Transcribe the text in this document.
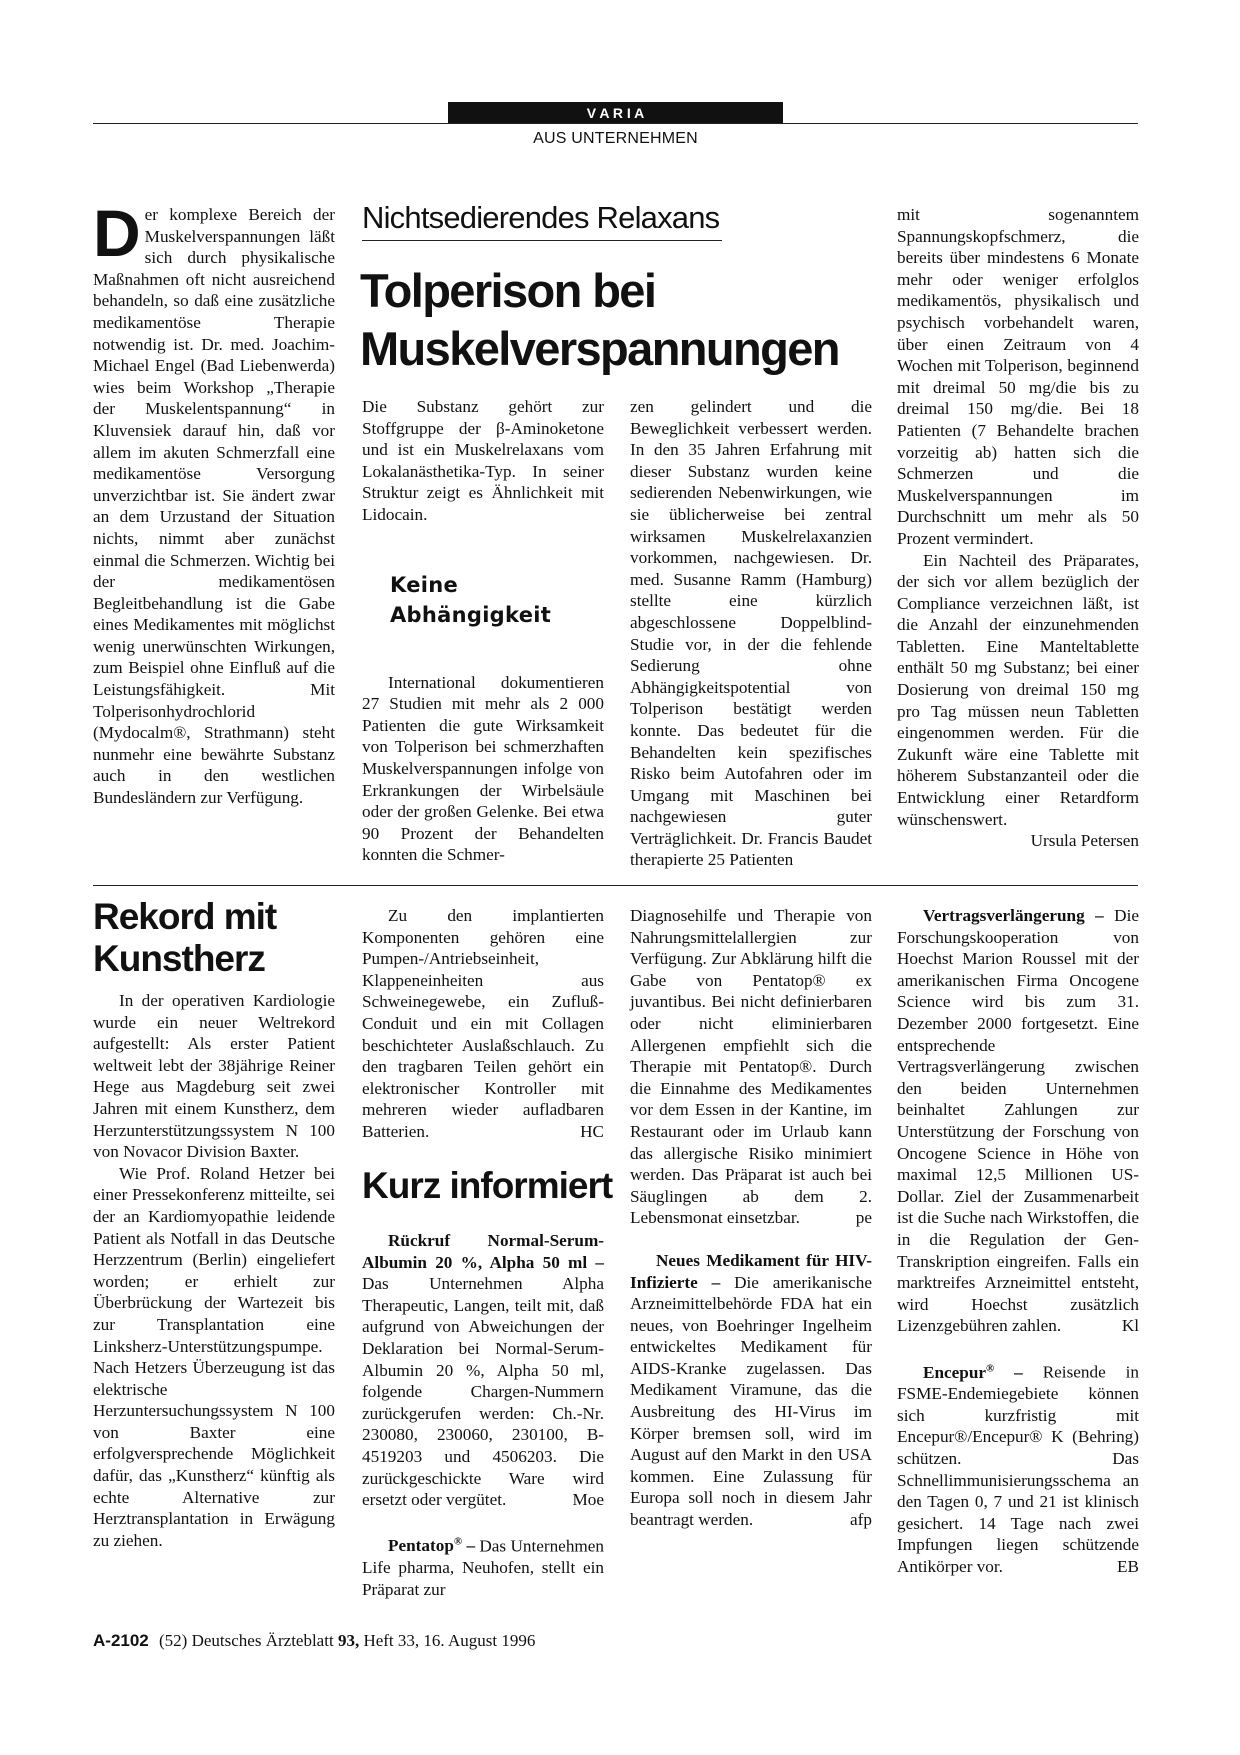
V A R I A
AUS UNTERNEHMEN
Der komplexe Bereich der Muskelverspannungen läßt sich durch physikalische Maßnahmen oft nicht ausreichend behandeln, so daß eine zusätzliche medikamentöse Therapie notwendig ist. Dr. med. Joachim-Michael Engel (Bad Liebenwerda) wies beim Workshop „Therapie der Muskelentspannung“ in Kluvensiek darauf hin, daß vor allem im akuten Schmerzfall eine medikamentöse Versorgung unverzichtbar ist. Sie ändert zwar an dem Urzustand der Situation nichts, nimmt aber zunächst einmal die Schmerzen. Wichtig bei der medikamentösen Begleitbehandlung ist die Gabe eines Medikamentes mit möglichst wenig unerwünschten Wirkungen, zum Beispiel ohne Einfluß auf die Leistungsfähigkeit. Mit Tolperisonhydrochlorid (Mydocalm®, Strathmann) steht nunmehr eine bewährte Substanz auch in den westlichen Bundesländern zur Verfügung.
Nichtsedierendes Relaxans
Tolperison bei
Muskelverspannungen

Die Substanz gehört zur Stoffgruppe der β-Aminoketone und ist ein Muskelrelaxans vom Lokalanästhetika-Typ. In seiner Struktur zeigt es Ähnlichkeit mit Lidocain.

Keine
Abhängigkeit

International dokumentieren 27 Studien mit mehr als 2 000 Patienten die gute Wirksamkeit von Tolperison bei schmerzhaften Muskelverspannungen infolge von Erkrankungen der Wirbelsäule oder der großen Gelenke. Bei etwa 90 Prozent der Behandelten konnten die Schmer-

zen gelindert und die Beweglichkeit verbessert werden. In den 35 Jahren Erfahrung mit dieser Substanz wurden keine sedierenden Nebenwirkungen, wie sie üblicherweise bei zentral wirksamen Muskelrelaxanzien vorkommen, nachgewiesen. Dr. med. Susanne Ramm (Hamburg) stellte eine kürzlich abgeschlossene Doppelblind-Studie vor, in der die fehlende Sedierung ohne Abhängigkeitspotential von Tolperison bestätigt werden konnte. Das bedeutet für die Behandelten kein spezifisches Risko beim Autofahren oder im Umgang mit Maschinen bei nachgewiesen guter Verträglichkeit. Dr. Francis Baudet therapierte 25 Patienten

mit sogenanntem Spannungskopfschmerz, die bereits über mindestens 6 Monate mehr oder weniger erfolglos medikamentös, physikalisch und psychisch vorbehandelt waren, über einen Zeitraum von 4 Wochen mit Tolperison, beginnend mit dreimal 50 mg/die bis zu dreimal 150 mg/die. Bei 18 Patienten (7 Behandelte brachen vorzeitig ab) hatten sich die Schmerzen und die Muskelverspannungen im Durchschnitt um mehr als 50 Prozent vermindert.

Ein Nachteil des Präparates, der sich vor allem bezüglich der Compliance verzeichnen läßt, ist die Anzahl der einzunehmenden Tabletten. Eine Manteltablette enthält 50 mg Substanz; bei einer Dosierung von dreimal 150 mg pro Tag müssen neun Tabletten eingenommen werden. Für die Zukunft wäre eine Tablette mit höherem Substanzanteil oder die Entwicklung einer Retardform wünschenswert.
Ursula Petersen

Rekord mit
Kunstherz

In der operativen Kardiologie wurde ein neuer Weltrekord aufgestellt: Als erster Patient weltweit lebt der 38jährige Reiner Hege aus Magdeburg seit zwei Jahren mit einem Kunstherz, dem Herzunterstützungssystem N 100 von Novacor Division Baxter.

Wie Prof. Roland Hetzer bei einer Pressekonferenz mitteilte, sei der an Kardiomyopathie leidende Patient als Notfall in das Deutsche Herzzentrum (Berlin) eingeliefert worden; er erhielt zur Überbrückung der Wartezeit bis zur Transplantation eine Linksherz-Unterstützungspumpe. Nach Hetzers Überzeugung ist das elektrische Herzuntersuchungssystem N 100 von Baxter eine erfolgversprechende Möglichkeit dafür, das „Kunstherz“ künftig als echte Alternative zur Herztransplantation in Erwägung zu ziehen.

Zu den implantierten Komponenten gehören eine Pumpen-/Antriebseinheit, Klappeneinheiten aus Schweinegewebe, ein Zufluß-Conduit und ein mit Collagen beschichteter Auslaßschlauch. Zu den tragbaren Teilen gehört ein elektronischer Kontroller mit mehreren wieder aufladbaren Batterien.	HC

Kurz informiert

Rückruf Normal-Serum-Albumin 20 %, Alpha 50 ml – Das Unternehmen Alpha Therapeutic, Langen, teilt mit, daß aufgrund von Abweichungen der Deklaration bei Normal-Serum-Albumin 20 %, Alpha 50 ml, folgende Chargen-Nummern zurückgerufen werden: Ch.-Nr. 230080, 230060, 230100, B-4519203 und 4506203. Die zurückgeschickte Ware wird ersetzt oder vergütet.	Moe

Pentatop® – Das Unternehmen Life pharma, Neuhofen, stellt ein Präparat zur

Diagnosehilfe und Therapie von Nahrungsmittelallergien zur Verfügung. Zur Abklärung hilft die Gabe von Pentatop® ex juvantibus. Bei nicht definierbaren oder nicht eliminierbaren Allergenen empfiehlt sich die Therapie mit Pentatop®. Durch die Einnahme des Medikamentes vor dem Essen in der Kantine, im Restaurant oder im Urlaub kann das allergische Risiko minimiert werden. Das Präparat ist auch bei Säuglingen ab dem 2. Lebensmonat einsetzbar.	pe

Neues Medikament für HIV-Infizierte – Die amerikanische Arzneimittelbehörde FDA hat ein neues, von Boehringer Ingelheim entwickeltes Medikament für AIDS-Kranke zugelassen. Das Medikament Viramune, das die Ausbreitung des HI-Virus im Körper bremsen soll, wird im August auf den Markt in den USA kommen. Eine Zulassung für Europa soll noch in diesem Jahr beantragt werden.	afp

Vertragsverlängerung – Die Forschungskooperation von Hoechst Marion Roussel mit der amerikanischen Firma Oncogene Science wird bis zum 31. Dezember 2000 fortgesetzt. Eine entsprechende Vertragsverlängerung zwischen den beiden Unternehmen beinhaltet Zahlungen zur Unterstützung der Forschung von Oncogene Science in Höhe von maximal 12,5 Millionen US-Dollar. Ziel der Zusammenarbeit ist die Suche nach Wirkstoffen, die in die Regulation der Gen-Transkription eingreifen. Falls ein marktreifes Arzneimittel entsteht, wird Hoechst zusätzlich Lizenzgebühren zahlen.	Kl

Encepur® – Reisende in FSME-Endemiegebiete können sich kurzfristig mit Encepur®/Encepur® K (Behring) schützen. Das Schnellimmunisierungsschema an den Tagen 0, 7 und 21 ist klinisch gesichert. 14 Tage nach zwei Impfungen liegen schützende Antikörper vor.	EB

A-2102 (52) Deutsches Ärzteblatt 93, Heft 33, 16. August 1996
